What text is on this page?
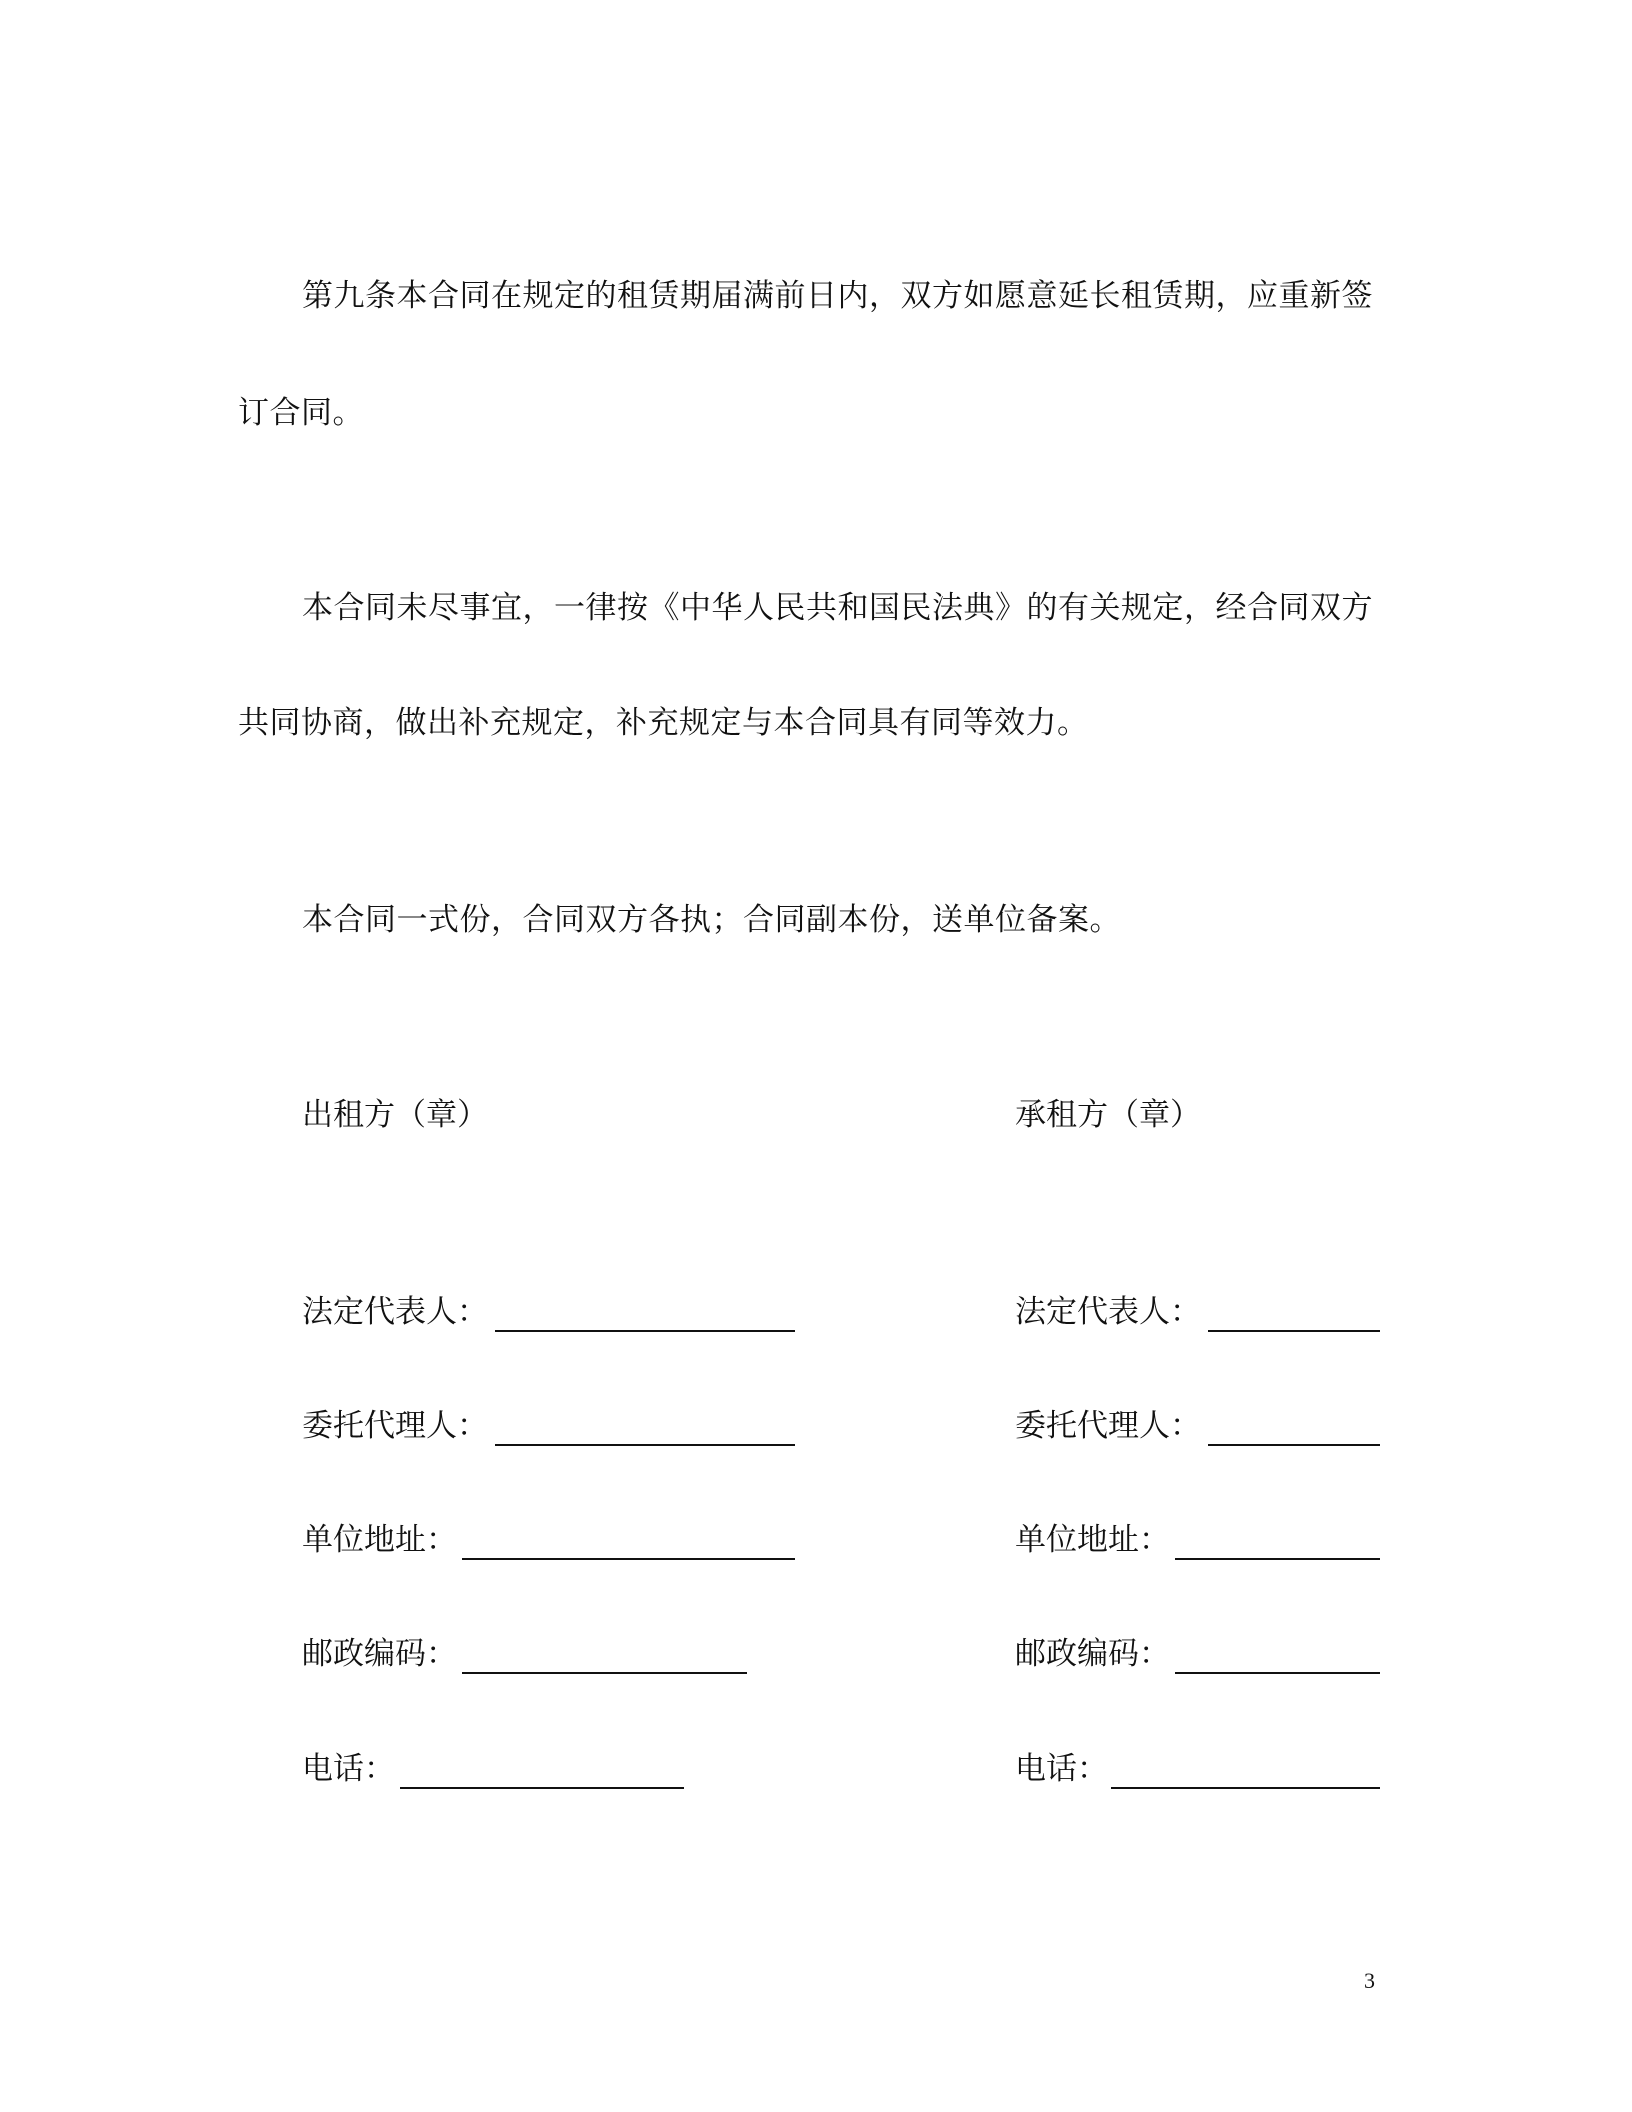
第九条本合同在规定的租赁期届满前日内，双方如愿意延长租赁期，应重新签
订合同。
本合同未尽事宜，一律按《中华人民共和国民法典》的有关规定，经合同双方
共同协商，做出补充规定，补充规定与本合同具有同等效力。
本合同一式份，合同双方各执；合同副本份，送单位备案。
出租方（章）	承租方（章）
法定代表人：
委托代理人：
单位地址：
邮政编码：
电话：
法定代表人：
委托代理人：
单位地址：
邮政编码：
电话：
3
